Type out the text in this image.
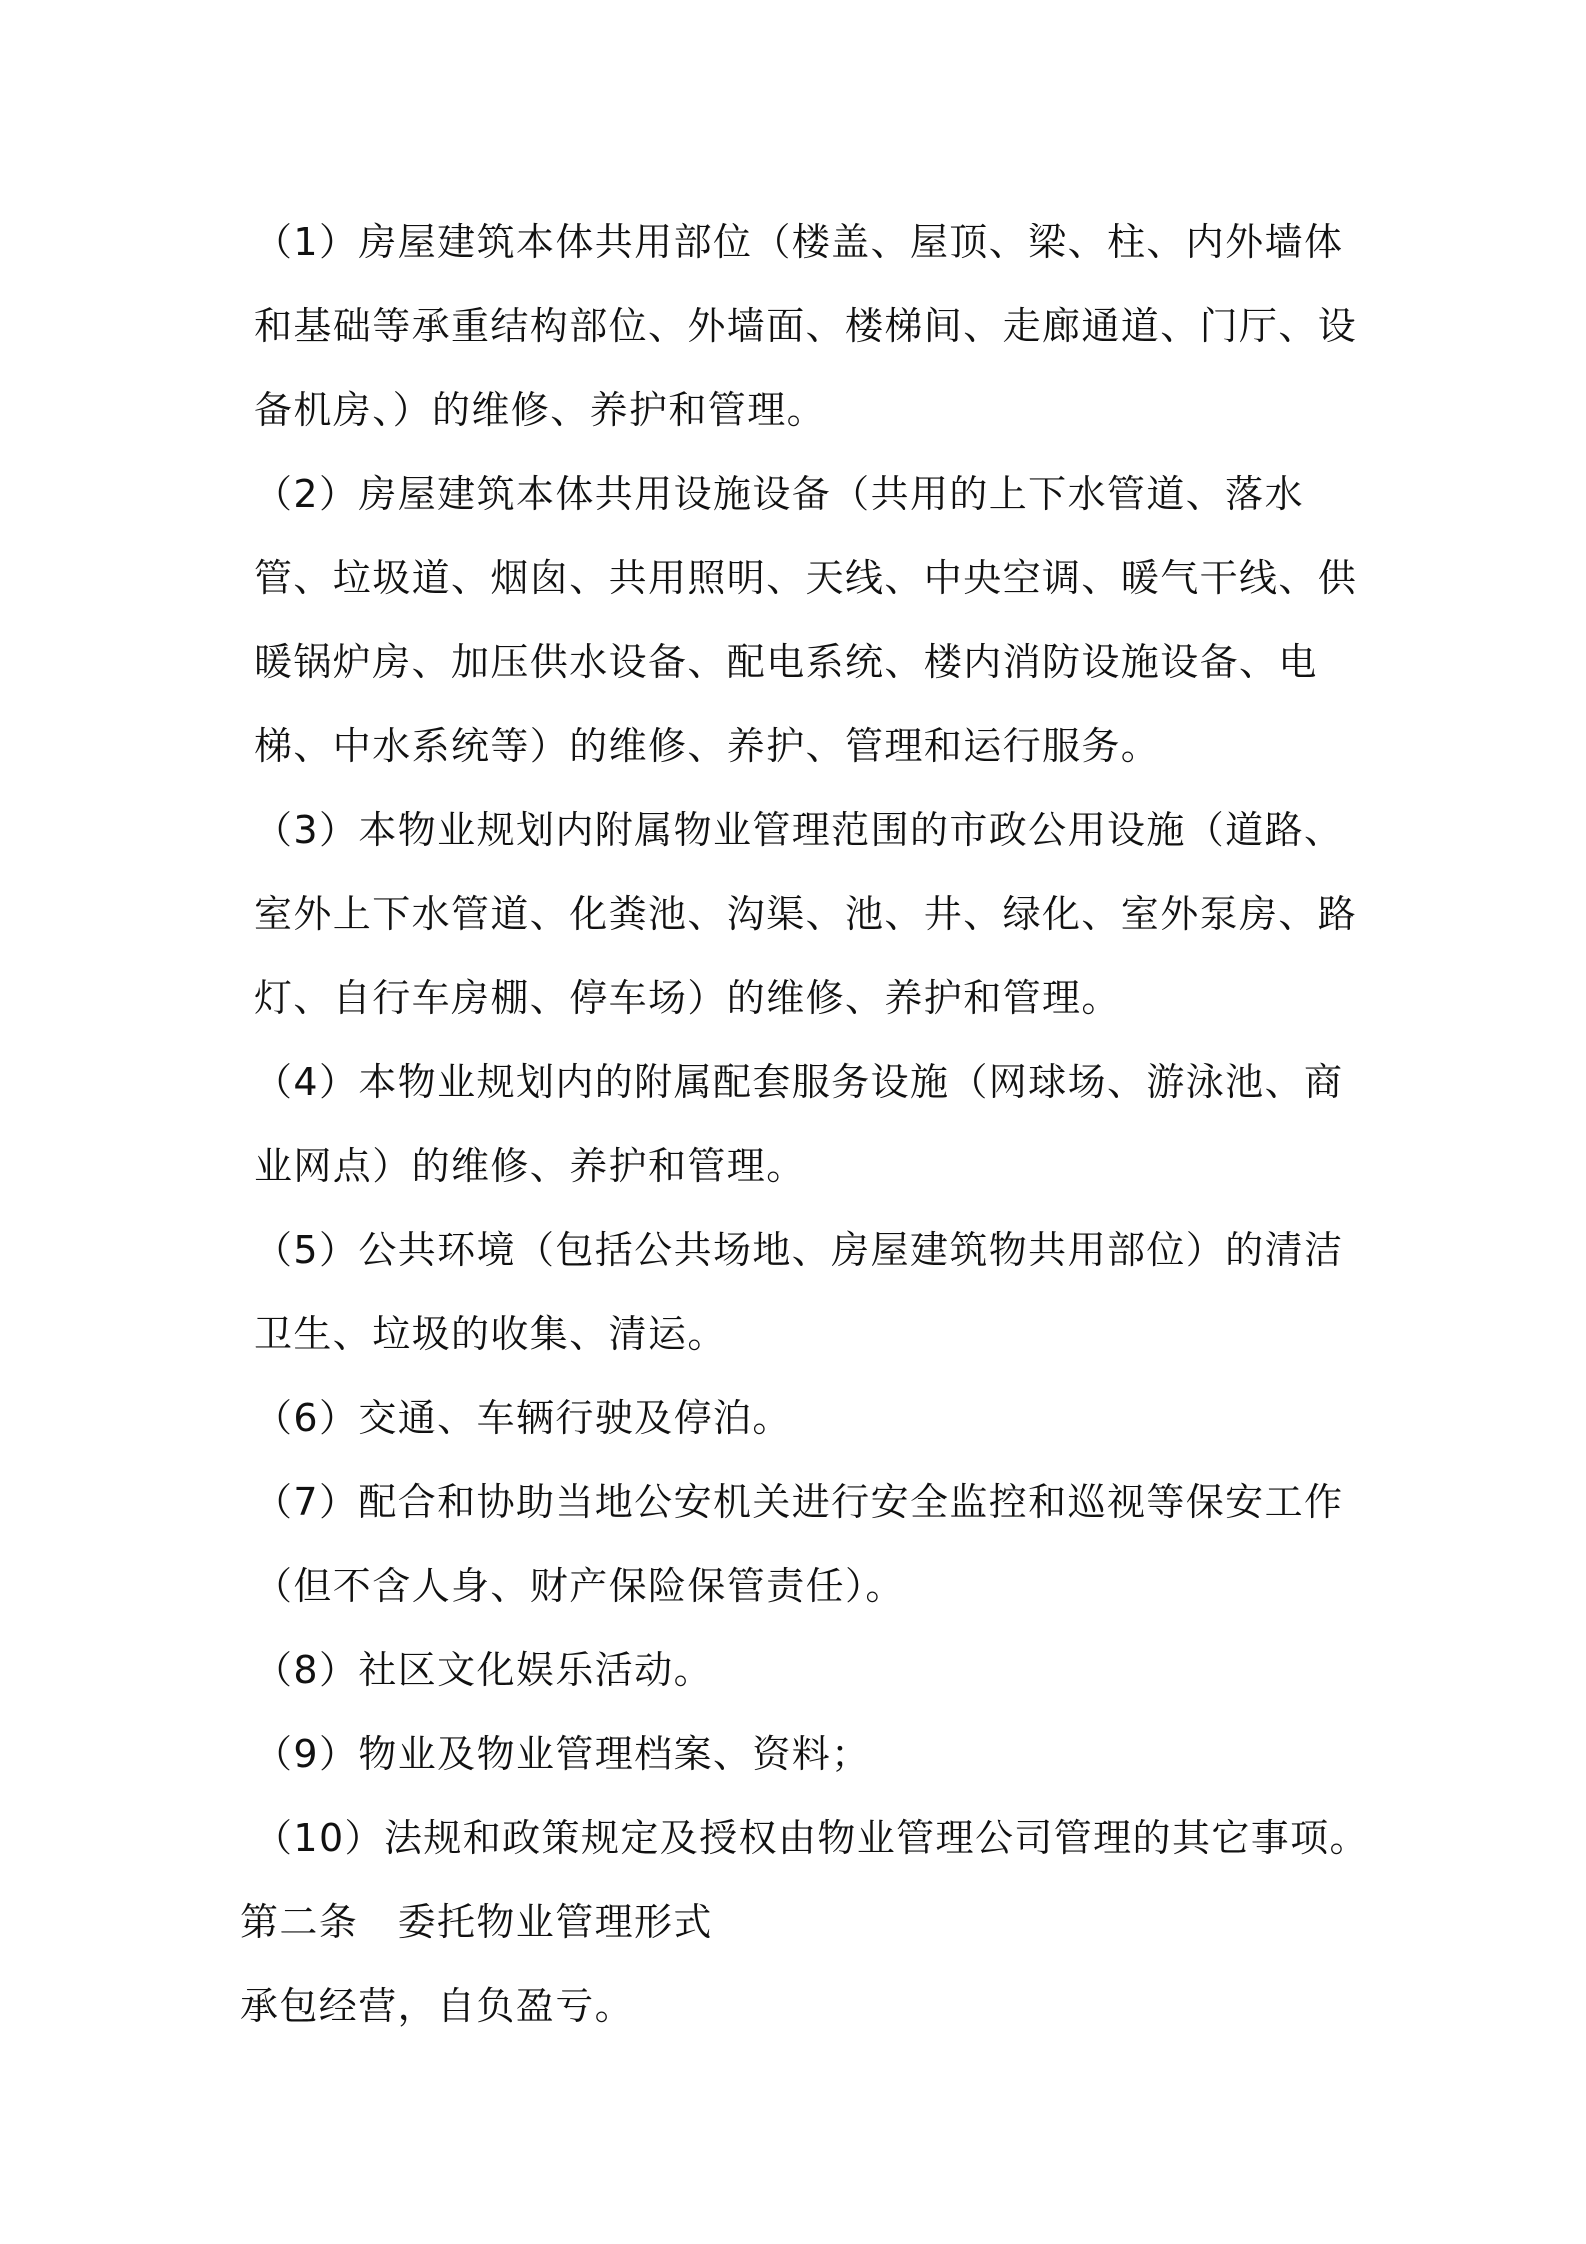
（1）房屋建筑本体共用部位（楼盖、屋顶、梁、柱、内外墙体和基础等承重结构部位、外墙面、楼梯间、走廊通道、门厅、设备机房、）的维修、养护和管理。

（2）房屋建筑本体共用设施设备（共用的上下水管道、落水管、垃圾道、烟囱、共用照明、天线、中央空调、暖气干线、供暖锅炉房、加压供水设备、配电系统、楼内消防设施设备、电梯、中水系统等）的维修、养护、管理和运行服务。

（3）本物业规划内附属物业管理范围的市政公用设施（道路、室外上下水管道、化粪池、沟渠、池、井、绿化、室外泵房、路灯、自行车房棚、停车场）的维修、养护和管理。

（4）本物业规划内的附属配套服务设施（网球场、游泳池、商业网点）的维修、养护和管理。

（5）公共环境（包括公共场地、房屋建筑物共用部位）的清洁卫生、垃圾的收集、清运。

（6）交通、车辆行驶及停泊。

（7）配合和协助当地公安机关进行安全监控和巡视等保安工作（但不含人身、财产保险保管责任）。

（8）社区文化娱乐活动。

（9）物业及物业管理档案、资料；

（10）法规和政策规定及授权由物业管理公司管理的其它事项。

第二条　委托物业管理形式

承包经营，自负盈亏。
